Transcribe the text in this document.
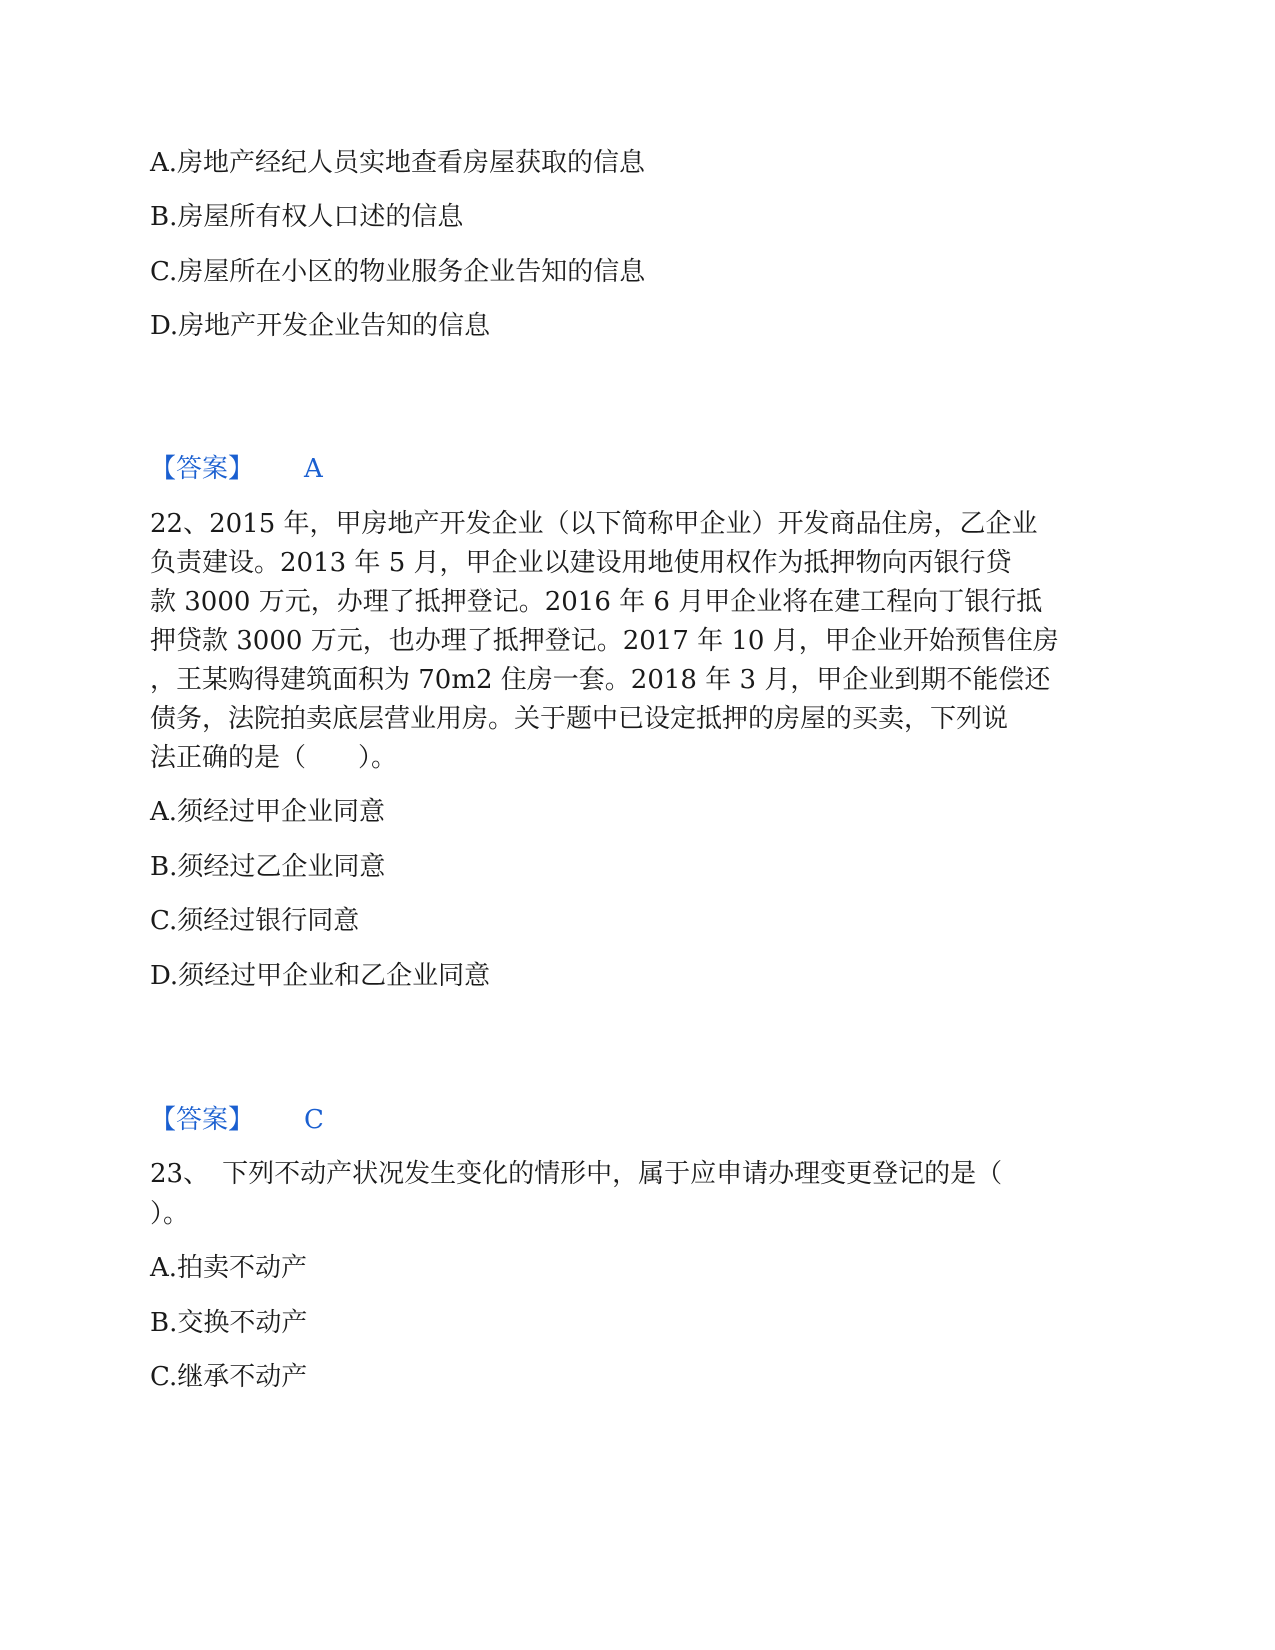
A.房地产经纪人员实地查看房屋获取的信息
B.房屋所有权人口述的信息
C.房屋所在小区的物业服务企业告知的信息
D.房地产开发企业告知的信息
【答案】 A
22、2015 年，甲房地产开发企业（以下简称甲企业）开发商品住房，乙企业
负责建设。2013 年 5 月，甲企业以建设用地使用权作为抵押物向丙银行贷
款 3000 万元，办理了抵押登记。2016 年 6 月甲企业将在建工程向丁银行抵
押贷款 3000 万元，也办理了抵押登记。2017 年 10 月，甲企业开始预售住房
，王某购得建筑面积为 70m2 住房一套。2018 年 3 月，甲企业到期不能偿还
债务，法院拍卖底层营业用房。关于题中已设定抵押的房屋的买卖，下列说
法正确的是（　　）。
A.须经过甲企业同意
B.须经过乙企业同意
C.须经过银行同意
D.须经过甲企业和乙企业同意
【答案】 C
23、　下列不动产状况发生变化的情形中，属于应申请办理变更登记的是（
）。
A.拍卖不动产
B.交换不动产
C.继承不动产
